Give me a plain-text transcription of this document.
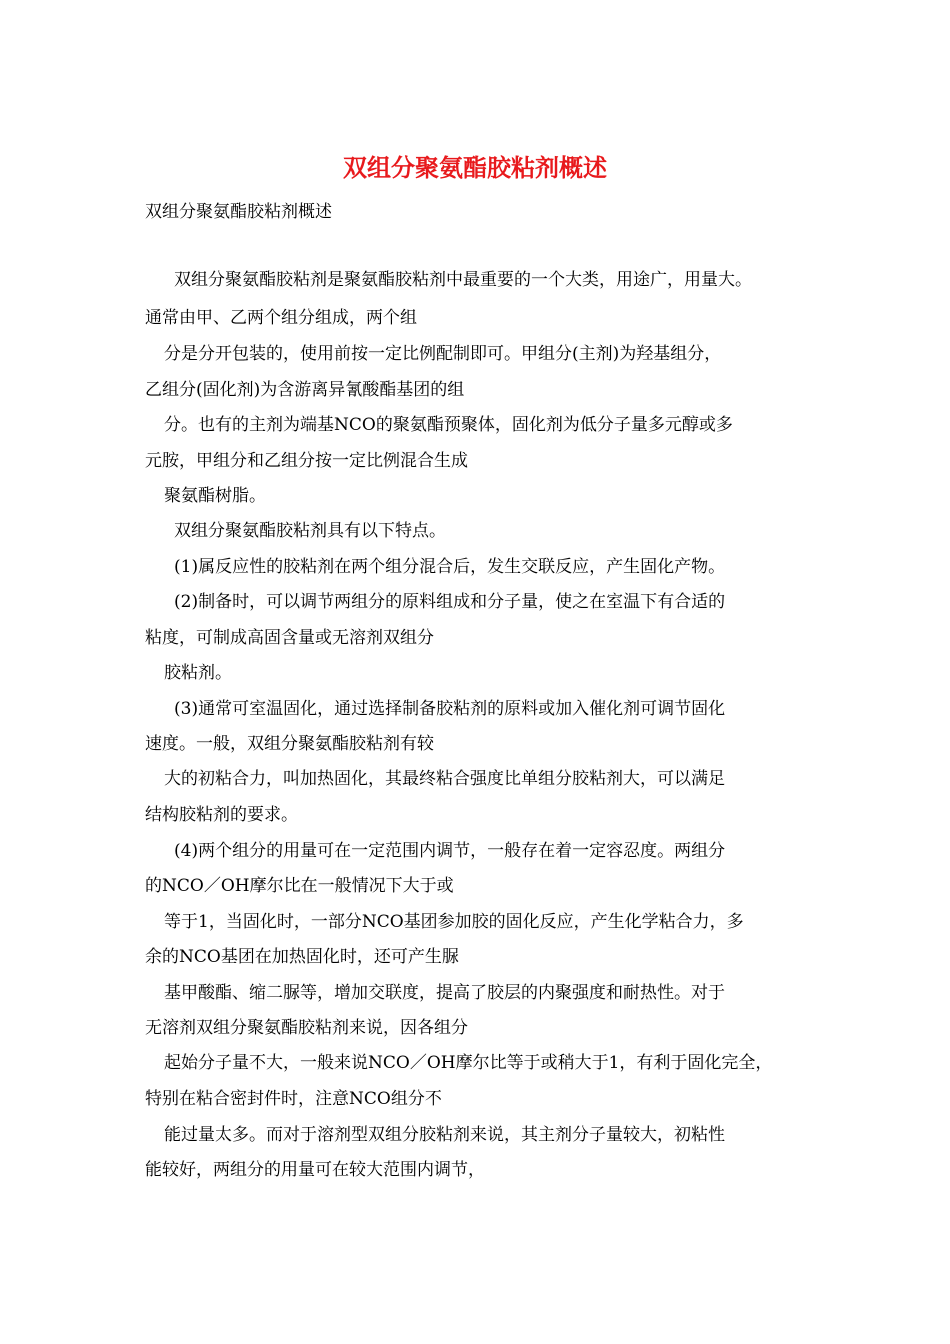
双组分聚氨酯胶粘剂概述
双组分聚氨酯胶粘剂概述
双组分聚氨酯胶粘剂是聚氨酯胶粘剂中最重要的一个大类，用途广，用量大。
通常由甲、乙两个组分组成，两个组
分是分开包装的，使用前按一定比例配制即可。甲组分(主剂)为羟基组分，
乙组分(固化剂)为含游离异氰酸酯基团的组
分。也有的主剂为端基NCO的聚氨酯预聚体，固化剂为低分子量多元醇或多
元胺，甲组分和乙组分按一定比例混合生成
聚氨酯树脂。
双组分聚氨酯胶粘剂具有以下特点。
(1)属反应性的胶粘剂在两个组分混合后，发生交联反应，产生固化产物。
(2)制备时，可以调节两组分的原料组成和分子量，使之在室温下有合适的
粘度，可制成高固含量或无溶剂双组分
胶粘剂。
(3)通常可室温固化，通过选择制备胶粘剂的原料或加入催化剂可调节固化
速度。一般，双组分聚氨酯胶粘剂有较
大的初粘合力，叫加热固化，其最终粘合强度比单组分胶粘剂大，可以满足
结构胶粘剂的要求。
(4)两个组分的用量可在一定范围内调节，一般存在着一定容忍度。两组分
的NCO／OH摩尔比在一般情况下大于或
等于1，当固化时，一部分NCO基团参加胶的固化反应，产生化学粘合力，多
余的NCO基团在加热固化时，还可产生脲
基甲酸酯、缩二脲等，增加交联度，提高了胶层的内聚强度和耐热性。对于
无溶剂双组分聚氨酯胶粘剂来说，因各组分
起始分子量不大，一般来说NCO／OH摩尔比等于或稍大于1，有利于固化完全，
特别在粘合密封件时，注意NCO组分不
能过量太多。而对于溶剂型双组分胶粘剂来说，其主剂分子量较大，初粘性
能较好，两组分的用量可在较大范围内调节，
